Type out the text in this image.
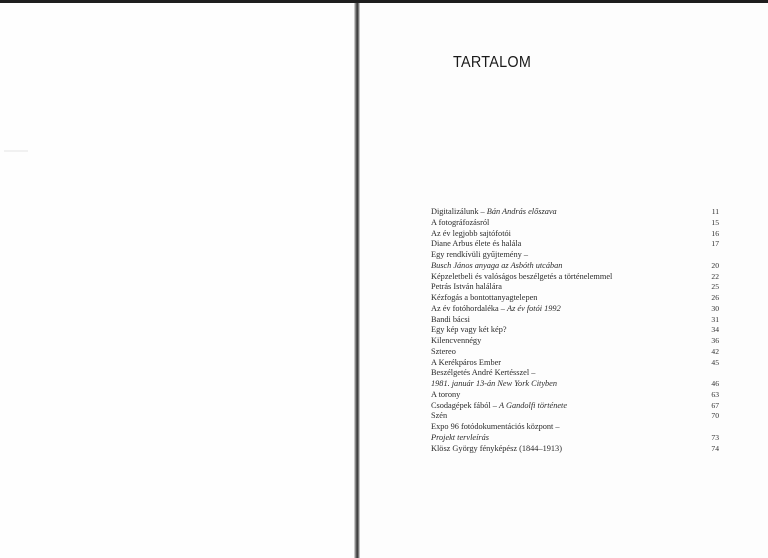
TARTALOM
Digitalizálunk – Bán András előszava	11
A fotográfozásról	15
Az év legjobb sajtófotói	16
Diane Arbus élete és halála	17
Egy rendkívüli gyűjtemény –
Busch János anyaga az Asbóth utcában	20
Képzeletbeli és valóságos beszélgetés a történelemmel	22
Petrás István halálára	25
Kézfogás a bontottanyagtelepen	26
Az év fotóhordaléka – Az év fotói 1992	30
Bandi bácsi	31
Egy kép vagy két kép?	34
Kilencvennégy	36
Sztereo	42
A Kerékpáros Ember	45
Beszélgetés André Kertésszel –
1981. január 13-án New York Cityben	46
A torony	63
Csodagépek fából – A Gandolfi története	67
Szén	70
Expo 96 fotódokumentációs központ –
Projekt tervleírás	73
Klösz György fényképész (1844–1913)	74
